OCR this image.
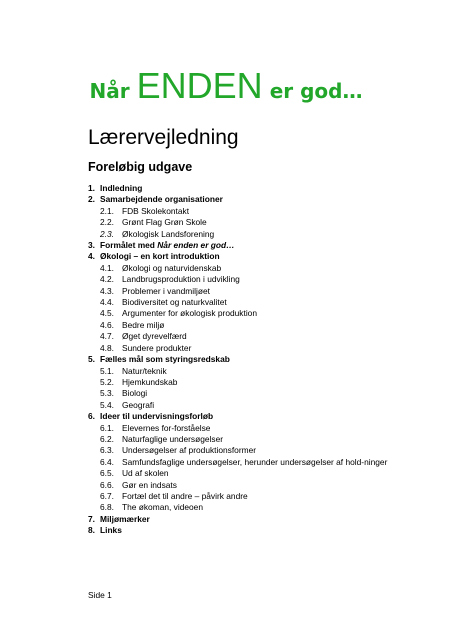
Når ENDEN er god…
Lærervejledning
Foreløbig udgave
1. Indledning
2. Samarbejdende organisationer
2.1. FDB Skolekontakt
2.2. Grønt Flag Grøn Skole
2.3. Økologisk Landsforening
3. Formålet med Når enden er god…
4. Økologi – en kort introduktion
4.1. Økologi og naturvidenskab
4.2. Landbrugsproduktion i udvikling
4.3. Problemer i vandmiljøet
4.4. Biodiversitet og naturkvalitet
4.5. Argumenter for økologisk produktion
4.6. Bedre miljø
4.7. Øget dyrevelfærd
4.8. Sundere produkter
5. Fælles mål som styringsredskab
5.1. Natur/teknik
5.2. Hjemkundskab
5.3. Biologi
5.4. Geografi
6. Ideer til undervisningsforløb
6.1. Elevernes for-forståelse
6.2. Naturfaglige undersøgelser
6.3. Undersøgelser af produktionsformer
6.4. Samfundsfaglige undersøgelser, herunder undersøgelser af hold-ninger
6.5. Ud af skolen
6.6. Gør en indsats
6.7. Fortæl det til andre – påvirk andre
6.8. The økoman, videoen
7. Miljømærker
8. Links
Side 1
